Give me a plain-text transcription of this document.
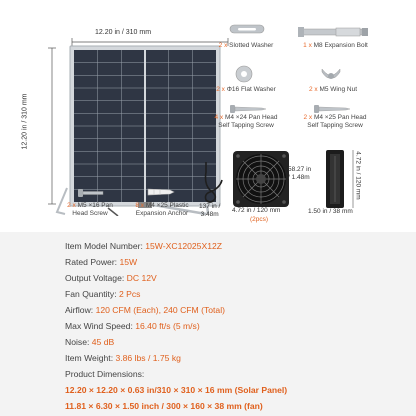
12.20 in / 310 mm
12.20 in / 310 mm
2 x Slotted Washer	1 x M8 Expansion Bolt
2 x Φ16 Flat Washer	2 x M5 Wing Nut
4 x M4 ×24 Pan Head
Self Tapping Screw
2 x M4 ×25 Pan Head
Self Tapping Screw
2 x M5 ×16 Pan
Head Screw
8 x M4 ×25 Plastic
Expansion Anchor
137 in /
3.48m
58.27 in
/ 1.48m	4.72 in / 120 mm
4.72 in / 120 mm
(2pcs)
1.50 in / 38 mm
Item Model Number: 15W-XC12025X12Z
Rated Power: 15W
Output Voltage: DC 12V
Fan Quantity: 2 Pcs
Airflow: 120 CFM (Each), 240 CFM (Total)
Max Wind Speed: 16.40 ft/s (5 m/s)
Noise: 45 dB
Item Weight: 3.86 lbs / 1.75 kg
Product Dimensions:
12.20 × 12.20 × 0.63 in/310 × 310 × 16 mm (Solar Panel)
11.81 × 6.30 × 1.50 inch / 300 × 160 × 38 mm (fan)
